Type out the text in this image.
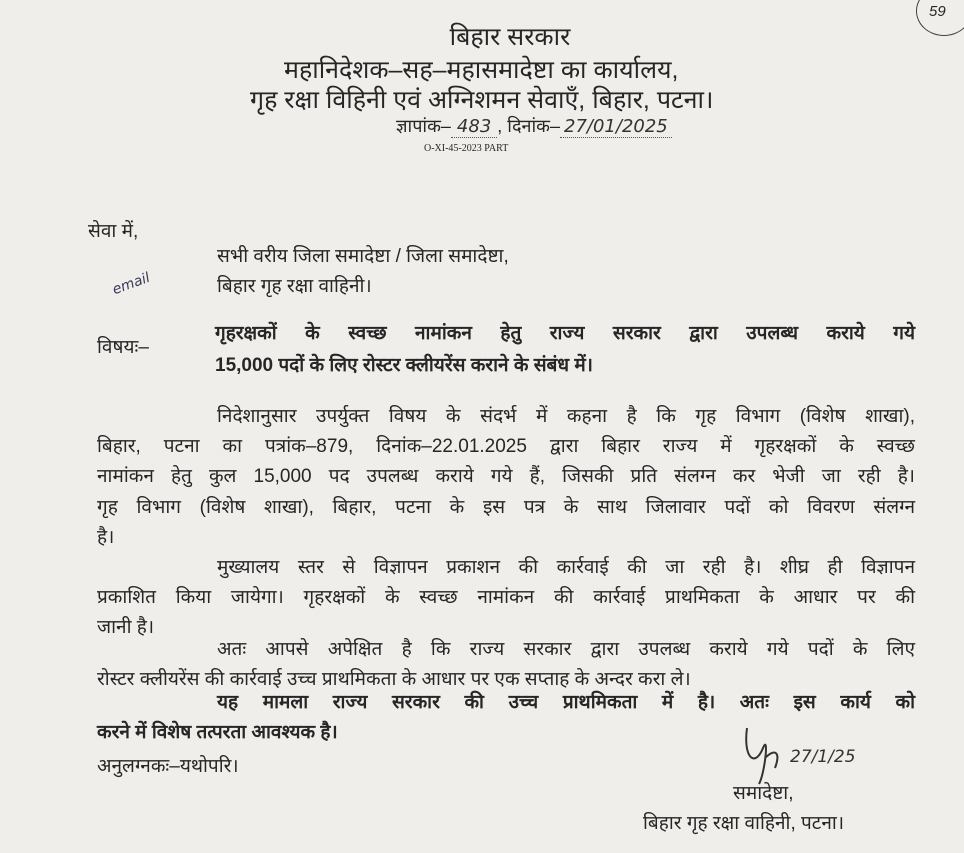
59
बिहार सरकार
महानिदेशक–सह–महासमादेष्टा का कार्यालय,
गृह रक्षा विहिनी एवं अग्निशमन सेवाएँ, बिहार, पटना।
ज्ञापांक– 483 , दिनांक– 27/01/2025
O-XI-45-2023 PART
सेवा में,
सभी वरीय जिला समादेष्टा / जिला समादेष्टा,
बिहार गृह रक्षा वाहिनी।
email
विषयः–
गृहरक्षकों के स्वच्छ नामांकन हेतु राज्य सरकार द्वारा उपलब्ध कराये गये
15,000 पदों के लिए रोस्टर क्लीयरेंस कराने के संबंध में।
निदेशानुसार उपर्युक्त विषय के संदर्भ में कहना है कि गृह विभाग (विशेष शाखा),
बिहार, पटना का पत्रांक–879, दिनांक–22.01.2025 द्वारा बिहार राज्य में गृहरक्षकों के स्वच्छ
नामांकन हेतु कुल 15,000 पद उपलब्ध कराये गये हैं, जिसकी प्रति संलग्न कर भेजी जा रही है।
गृह विभाग (विशेष शाखा), बिहार, पटना के इस पत्र के साथ जिलावार पदों को विवरण संलग्न
है।
मुख्यालय स्तर से विज्ञापन प्रकाशन की कार्रवाई की जा रही है। शीघ्र ही विज्ञापन
प्रकाशित किया जायेगा। गृहरक्षकों के स्वच्छ नामांकन की कार्रवाई प्राथमिकता के आधार पर की
जानी है।
अतः आपसे अपेक्षित है कि राज्य सरकार द्वारा उपलब्ध कराये गये पदों के लिए
रोस्टर क्लीयरेंस की कार्रवाई उच्च प्राथमिकता के आधार पर एक सप्ताह के अन्दर करा ले।
यह मामला राज्य सरकार की उच्च प्राथमिकता में है। अतः इस कार्य को
करने में विशेष तत्परता आवश्यक है।
अनुलग्नकः–यथोपरि।	27/1/25
समादेष्टा,
बिहार गृह रक्षा वाहिनी, पटना।
